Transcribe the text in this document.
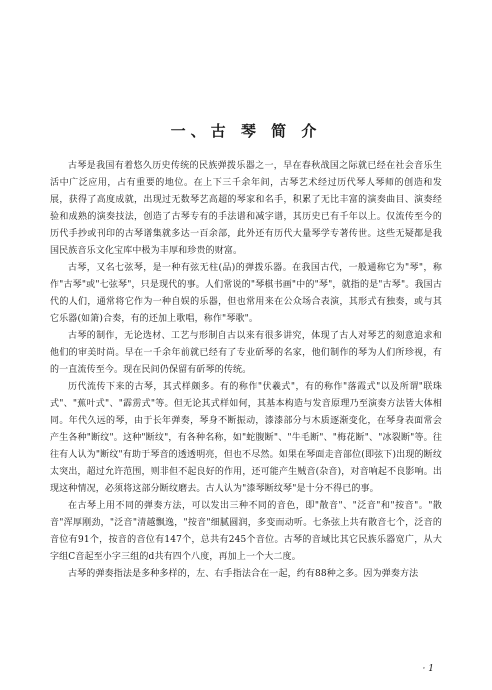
一、古 琴 简 介

古琴是我国有着悠久历史传统的民族弹拨乐器之一，早在春秋战国之际就已经在社会音乐生活中广泛应用，占有重要的地位。在上下三千余年间，古琴艺术经过历代琴人琴师的创造和发展，获得了高度成就，出现过无数琴艺高超的琴家和名手，积累了无比丰富的演奏曲目、演奏经验和成熟的演奏技法，创造了古琴专有的手法谱和减字谱，其历史已有千年以上。仅流传至今的历代手抄或刊印的古琴谱集就多达一百余部，此外还有历代大量琴学专著传世。这些无疑都是我国民族音乐文化宝库中极为丰厚和珍贵的财富。

古琴，又名七弦琴，是一种有弦无柱(品)的弹拨乐器。在我国古代，一般通称它为"琴"，称作"古琴"或"七弦琴"，只是现代的事。人们常说的"琴棋书画"中的"琴"，就指的是"古琴"。我国古代的人们，通常将它作为一种自娱的乐器，但也常用来在公众场合表演，其形式有独奏，或与其它乐器(如箫)合奏，有的还加上歌唱，称作"琴歌"。

古琴的制作，无论选材、工艺与形制自古以来有很多讲究，体现了古人对琴艺的刻意追求和他们的审美时尚。早在一千余年前就已经有了专业斫琴的名家，他们制作的琴为人们所珍视，有的一直流传至今。现在民间仍保留有斫琴的传统。

历代流传下来的古琴，其式样颇多。有的称作"伏羲式"，有的称作"落霞式"以及所谓"联珠式"、"蕉叶式"、"霹雳式"等。但无论其式样如何，其基本构造与发音原理乃至演奏方法皆大体相同。年代久远的琴，由于长年弹奏，琴身不断振动，漆漆部分与木质逐渐变化，在琴身表面常会产生各种"断纹"。这种"断纹"，有各种名称，如"蛇腹断"、"牛毛断"、"梅花断"、"冰裂断"等。往往有人认为"断纹"有助于琴音的透透明亮，但也不尽然。如果在琴面走音部位(即弦下)出现的断纹太突出，超过允许范围，则非但不起良好的作用，还可能产生贼音(杂音)，对音响起不良影响。出现这种情况，必须将这部分断纹磨去。古人认为"漆琴断纹琴"是十分不得已的事。

在古琴上用不同的弹奏方法，可以发出三种不同的音色，即"散音"、"泛音"和"按音"。"散音"浑厚刚劲，"泛音"清越飘逸，"按音"细腻圆润，多变而动听。七条弦上共有散音七个，泛音的音位有91个，按音的音位有147个，总共有245个音位。古琴的音域比其它民族乐器宽广，从大字组C音起至小字三组的d共有四个八度，再加上一个大二度。

古琴的弹奏指法是多种多样的，左、右手指法合在一起，约有88种之多。因为弹奏方法

· 1
